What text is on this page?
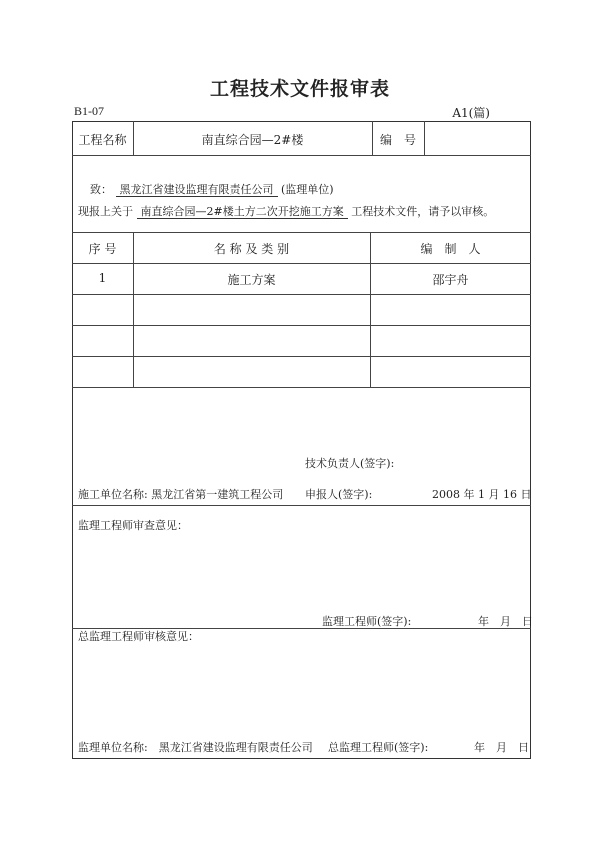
工程技术文件报审表
B1-07	A1(篇)
工程名称	南直综合园—2#楼	编　号
致： 黑龙江省建设监理有限责任公司 (监理单位)
现报上关于 南直综合园—2#楼土方二次开挖施工方案 工程技术文件，请予以审核。
序 号	名 称 及 类 别	编　制　人
1	施工方案	邵宇舟
技术负责人(签字):
施工单位名称: 黑龙江省第一建筑工程公司 申报人(签字):	2008 年 1 月 16 日
监理工程师审查意见：
监理工程师(签字):	年　月　日
总监理工程师审核意见：
监理单位名称:　黑龙江省建设监理有限责任公司 总监理工程师(签字):	年　月　日
